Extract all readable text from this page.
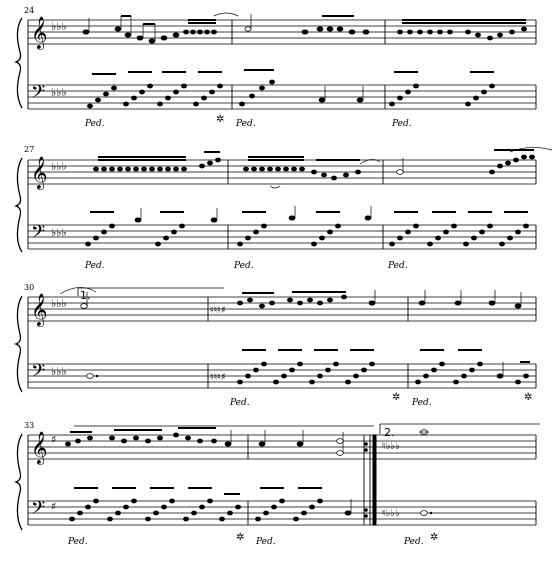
24
𝄞
𝄢
♭♭♭
♭♭♭
Ped.	Ped.	Ped.
✲
27
𝄞
𝄢
♭♭♭
♭♭♭
Ped.	Ped.	Ped.
30
1.
𝄞
𝄢
♭♭♭
♭♭♭
♮♮♮♯
♮♮♮♯
Ped.	Ped.
✲	✲
33
2.
𝄞
𝄢
♯
♯
♮♭♭♭
♮♭♭♭
Ped.	Ped.	Ped.
✲	✲
